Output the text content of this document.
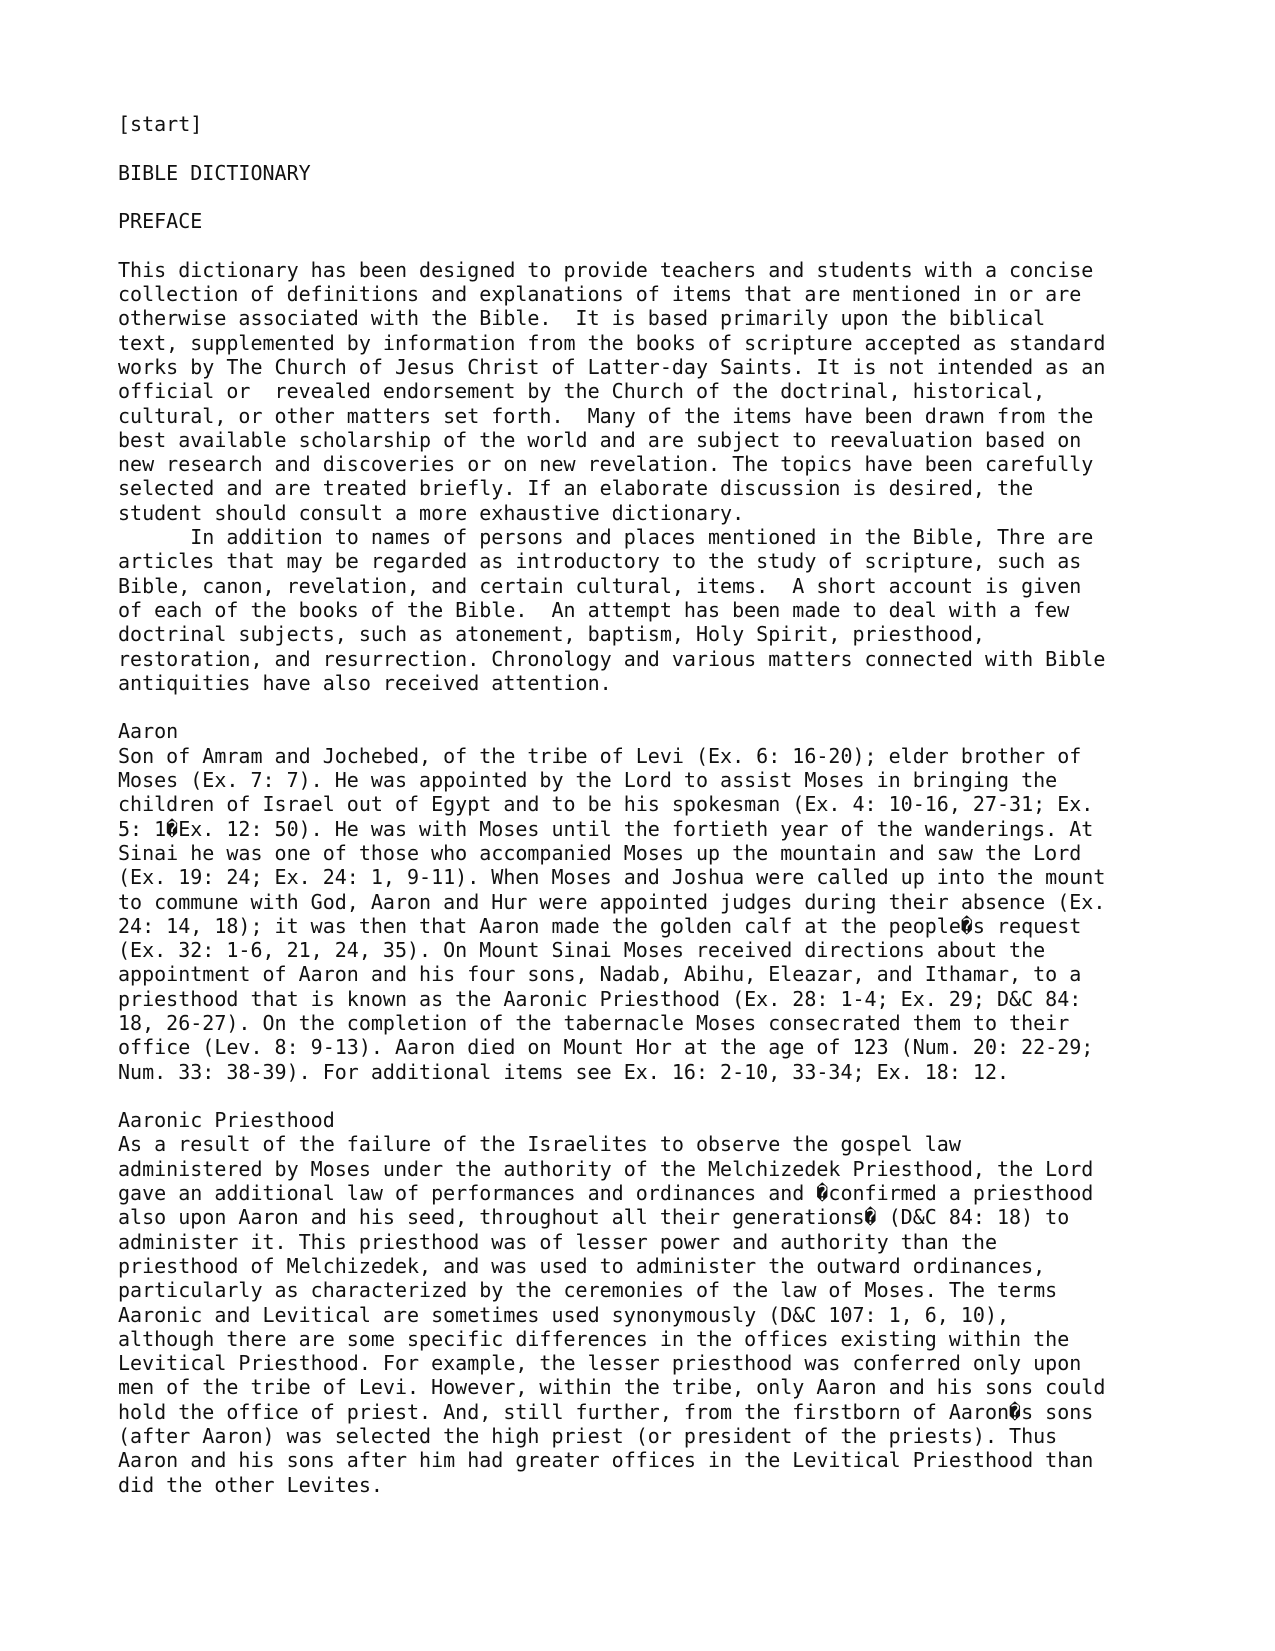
[start]
BIBLE DICTIONARY
PREFACE
This dictionary has been designed to provide teachers and students with a concise
collection of definitions and explanations of items that are mentioned in or are
otherwise associated with the Bible.  It is based primarily upon the biblical
text, supplemented by information from the books of scripture accepted as standard
works by The Church of Jesus Christ of Latter-day Saints. It is not intended as an
official or  revealed endorsement by the Church of the doctrinal, historical,
cultural, or other matters set forth.  Many of the items have been drawn from the
best available scholarship of the world and are subject to reevaluation based on
new research and discoveries or on new revelation. The topics have been carefully
selected and are treated briefly. If an elaborate discussion is desired, the
student should consult a more exhaustive dictionary.
In addition to names of persons and places mentioned in the Bible, Thre are
articles that may be regarded as introductory to the study of scripture, such as
Bible, canon, revelation, and certain cultural, items.  A short account is given
of each of the books of the Bible.  An attempt has been made to deal with a few
doctrinal subjects, such as atonement, baptism, Holy Spirit, priesthood,
restoration, and resurrection. Chronology and various matters connected with Bible
antiquities have also received attention.
Aaron
Son of Amram and Jochebed, of the tribe of Levi (Ex. 6: 16-20); elder brother of
Moses (Ex. 7: 7). He was appointed by the Lord to assist Moses in bringing the
children of Israel out of Egypt and to be his spokesman (Ex. 4: 10-16, 27-31; Ex.
5: 1�Ex. 12: 50). He was with Moses until the fortieth year of the wanderings. At
Sinai he was one of those who accompanied Moses up the mountain and saw the Lord
(Ex. 19: 24; Ex. 24: 1, 9-11). When Moses and Joshua were called up into the mount
to commune with God, Aaron and Hur were appointed judges during their absence (Ex.
24: 14, 18); it was then that Aaron made the golden calf at the people�s request
(Ex. 32: 1-6, 21, 24, 35). On Mount Sinai Moses received directions about the
appointment of Aaron and his four sons, Nadab, Abihu, Eleazar, and Ithamar, to a
priesthood that is known as the Aaronic Priesthood (Ex. 28: 1-4; Ex. 29; D&C 84:
18, 26-27). On the completion of the tabernacle Moses consecrated them to their
office (Lev. 8: 9-13). Aaron died on Mount Hor at the age of 123 (Num. 20: 22-29;
Num. 33: 38-39). For additional items see Ex. 16: 2-10, 33-34; Ex. 18: 12.
Aaronic Priesthood
As a result of the failure of the Israelites to observe the gospel law
administered by Moses under the authority of the Melchizedek Priesthood, the Lord
gave an additional law of performances and ordinances and �confirmed a priesthood
also upon Aaron and his seed, throughout all their generations� (D&C 84: 18) to
administer it. This priesthood was of lesser power and authority than the
priesthood of Melchizedek, and was used to administer the outward ordinances,
particularly as characterized by the ceremonies of the law of Moses. The terms
Aaronic and Levitical are sometimes used synonymously (D&C 107: 1, 6, 10),
although there are some specific differences in the offices existing within the
Levitical Priesthood. For example, the lesser priesthood was conferred only upon
men of the tribe of Levi. However, within the tribe, only Aaron and his sons could
hold the office of priest. And, still further, from the firstborn of Aaron�s sons
(after Aaron) was selected the high priest (or president of the priests). Thus
Aaron and his sons after him had greater offices in the Levitical Priesthood than
did the other Levites.
